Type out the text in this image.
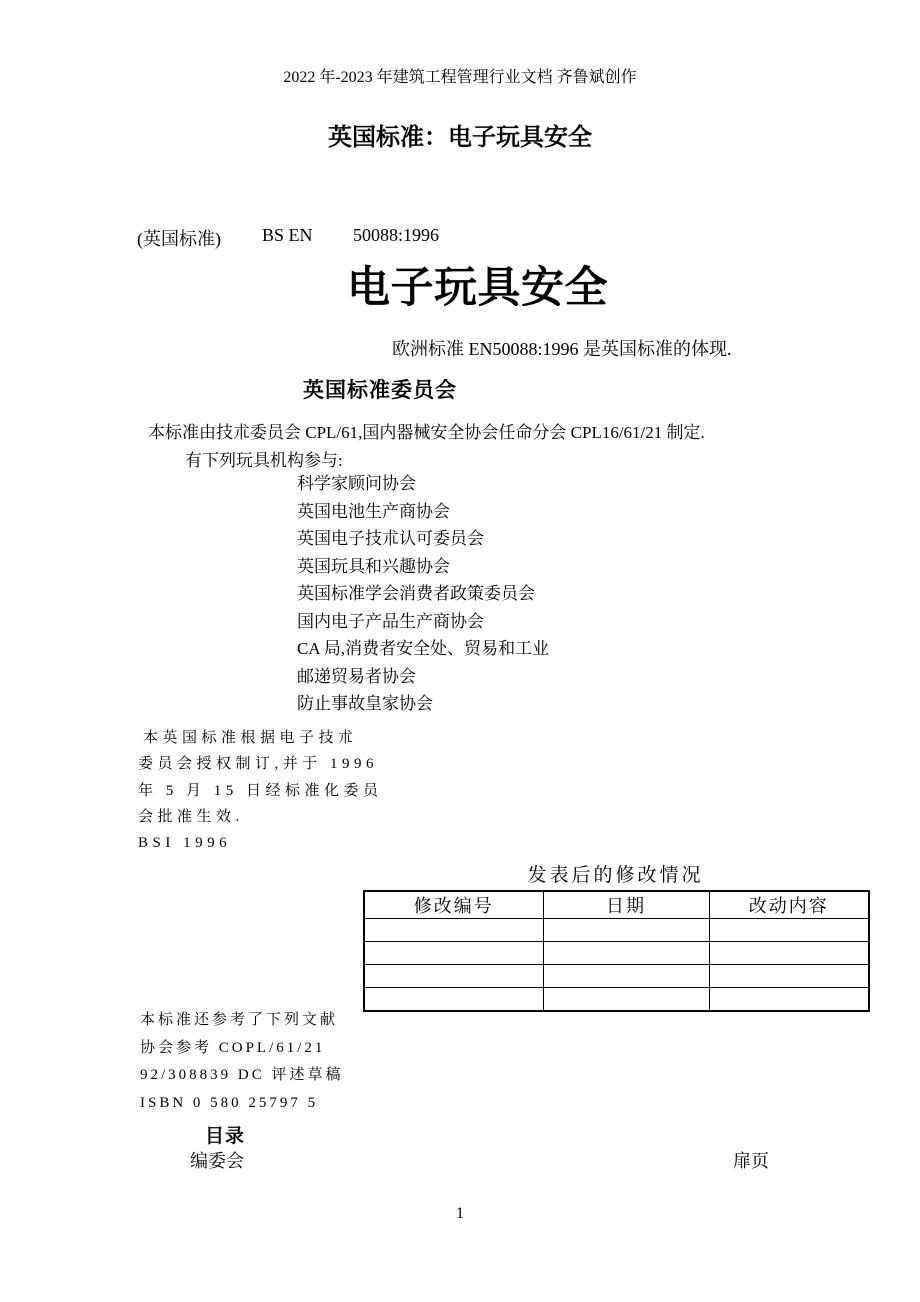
2022 年-2023 年建筑工程管理行业文档 齐鲁斌创作
英国标准：电子玩具安全
(英国标准) BS EN 50088:1996
电子玩具安全
欧洲标准 EN50088:1996 是英国标准的体现.
英国标准委员会
本标准由技朮委员会 CPL/61,国内器械安全协会任命分会 CPL16/61/21 制定.
有下列玩具机构参与:
科学家顾问协会
英国电池生产商协会
英国电子技朮认可委员会
英国玩具和兴趣协会
英国标准学会消费者政策委员会
国内电子产品生产商协会
CA 局,消费者安全处、贸易和工业
邮递贸易者协会
防止事故皇家协会
本英国标准根据电子技朮
委员会授权制订,并于 1996
年 5 月 15 日经标准化委员
会批准生效.
BSI 1996
发表后的修改情况
修改编号	日期	改动内容

本标准还参考了下列文献
协会参考 COPL/61/21
92/308839 DC 评述草稿
ISBN 0 580 25797 5
目录
编委会	扉页
1
